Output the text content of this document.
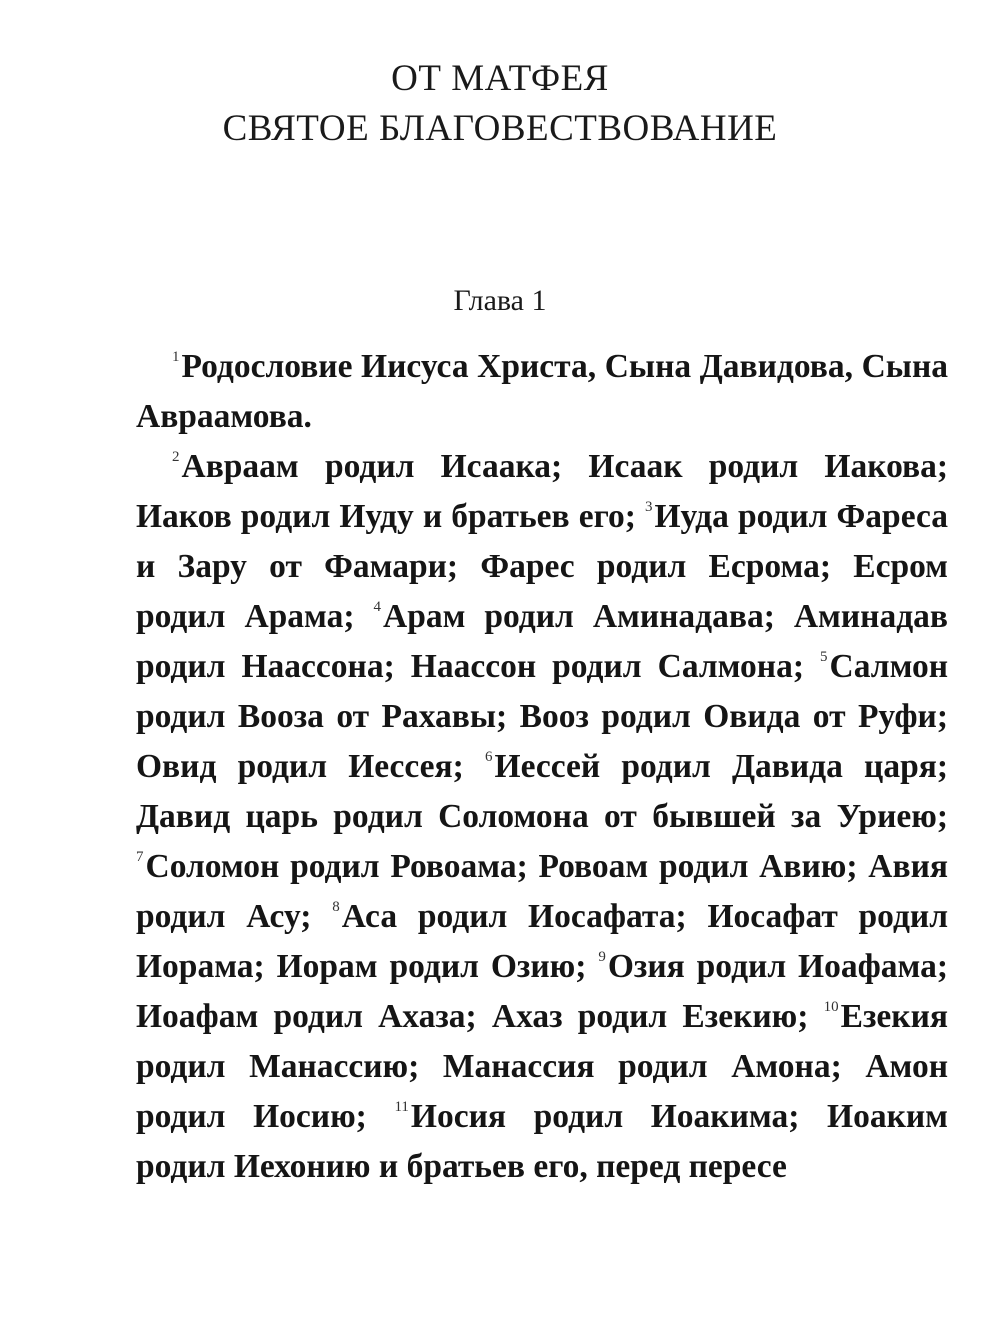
ОТ МАТФЕЯ
СВЯТОЕ БЛАГОВЕСТВОВАНИЕ
Глава 1

$^1$Родословие Иисуса Христа, Сына Давидова, Сына Авраамова.

$^2$Авраам родил Исаака; Исаак родил Иакова; Иаков родил Иуду и братьев его; $^3$Иуда родил Фареса и Зару от Фамари; Фарес родил Есрома; Есром родил Арама; $^4$Арам родил Аминадава; Аминадав родил Наассона; Наассон родил Салмона; $^5$Салмон родил Вооза от Рахавы; Вооз родил Овида от Руфи; Овид родил Иессея; $^6$Иессей родил Давида царя; Давид царь родил Соломона от бывшей за Уриею; $^7$Соломон родил Ровоама; Ровоам родил Авию; Авия родил Асу; $^8$Аса родил Иосафата; Иосафат родил Иорама; Иорам родил Озию; $^9$Озия родил Иоафама; Иоафам родил Ахаза; Ахаз родил Езекию; $^{10}$Езекия родил Манассию; Манассия родил Амона; Амон родил Иосию; $^{11}$Иосия родил Иоакима; Иоаким родил Иехонию и братьев его, перед пересе
